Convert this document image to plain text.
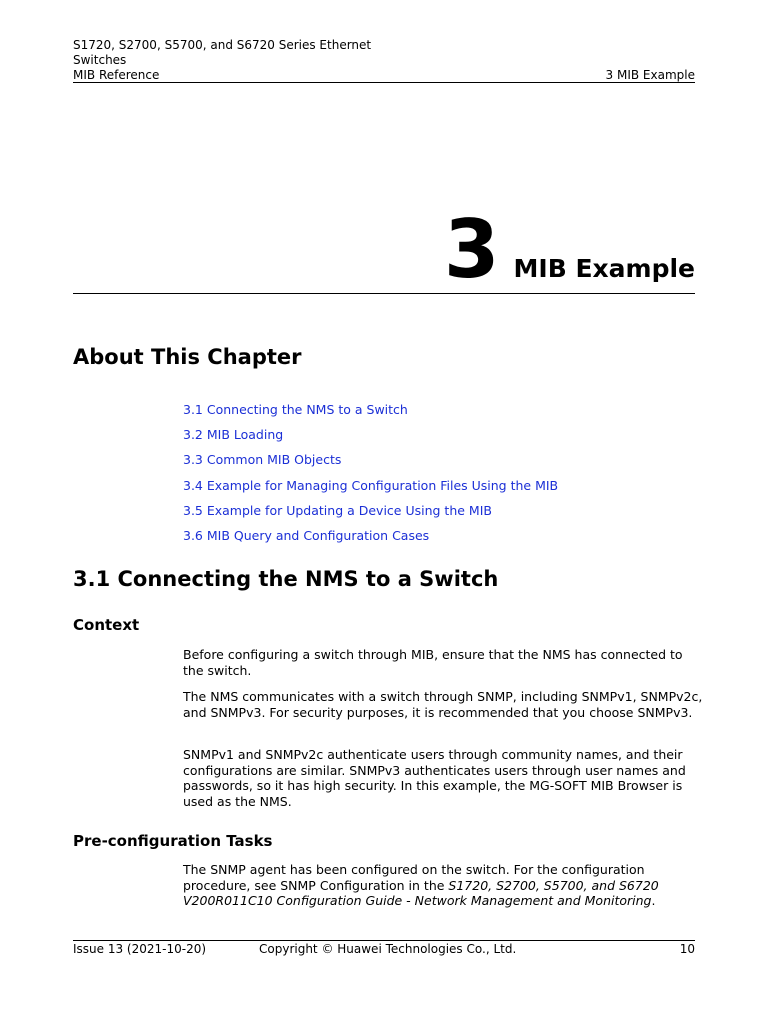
S1720, S2700, S5700, and S6720 Series Ethernet
Switches
MIB Reference	3 MIB Example
3 MIB Example
About This Chapter
3.1 Connecting the NMS to a Switch
3.2 MIB Loading
3.3 Common MIB Objects
3.4 Example for Managing Configuration Files Using the MIB
3.5 Example for Updating a Device Using the MIB
3.6 MIB Query and Configuration Cases
3.1 Connecting the NMS to a Switch
Context

Before configuring a switch through MIB, ensure that the NMS has connected to the switch.

The NMS communicates with a switch through SNMP, including SNMPv1, SNMPv2c, and SNMPv3. For security purposes, it is recommended that you choose SNMPv3.

SNMPv1 and SNMPv2c authenticate users through community names, and their configurations are similar. SNMPv3 authenticates users through user names and passwords, so it has high security. In this example, the MG-SOFT MIB Browser is used as the NMS.

Pre-configuration Tasks

The SNMP agent has been configured on the switch. For the configuration procedure, see SNMP Configuration in the S1720, S2700, S5700, and S6720 V200R011C10 Configuration Guide - Network Management and Monitoring.

Issue 13 (2021-10-20)	Copyright © Huawei Technologies Co., Ltd.	10
